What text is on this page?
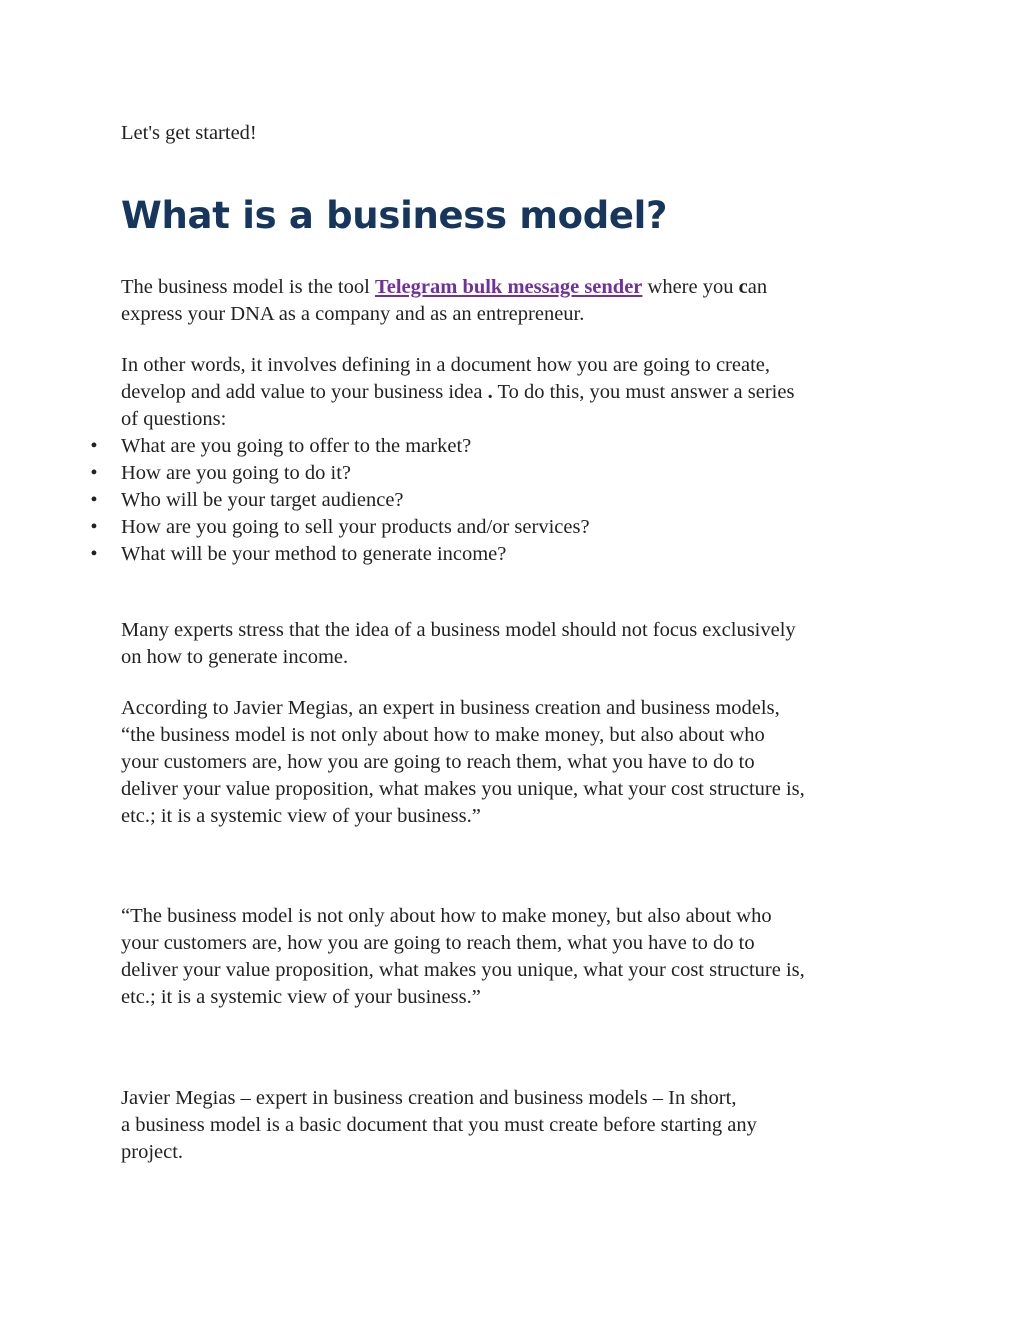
Let's get started!

What is a business model?
The business model is the tool Telegram bulk message sender where you can
express your DNA as a company and as an entrepreneur.
In other words, it involves defining in a document how you are going to create,
develop and add value to your business idea . To do this, you must answer a series
of questions:
• What are you going to offer to the market?
• How are you going to do it?
• Who will be your target audience?
• How are you going to sell your products and/or services?
• What will be your method to generate income?
Many experts stress that the idea of a business model should not focus exclusively
on how to generate income.
According to Javier Megias, an expert in business creation and business models,
“the business model is not only about how to make money, but also about who
your customers are, how you are going to reach them, what you have to do to
deliver your value proposition, what makes you unique, what your cost structure is,
etc.; it is a systemic view of your business.”
“The business model is not only about how to make money, but also about who
your customers are, how you are going to reach them, what you have to do to
deliver your value proposition, what makes you unique, what your cost structure is,
etc.; it is a systemic view of your business.”
Javier Megias – expert in business creation and business models – In short,
a business model is a basic document that you must create before starting any
project.
